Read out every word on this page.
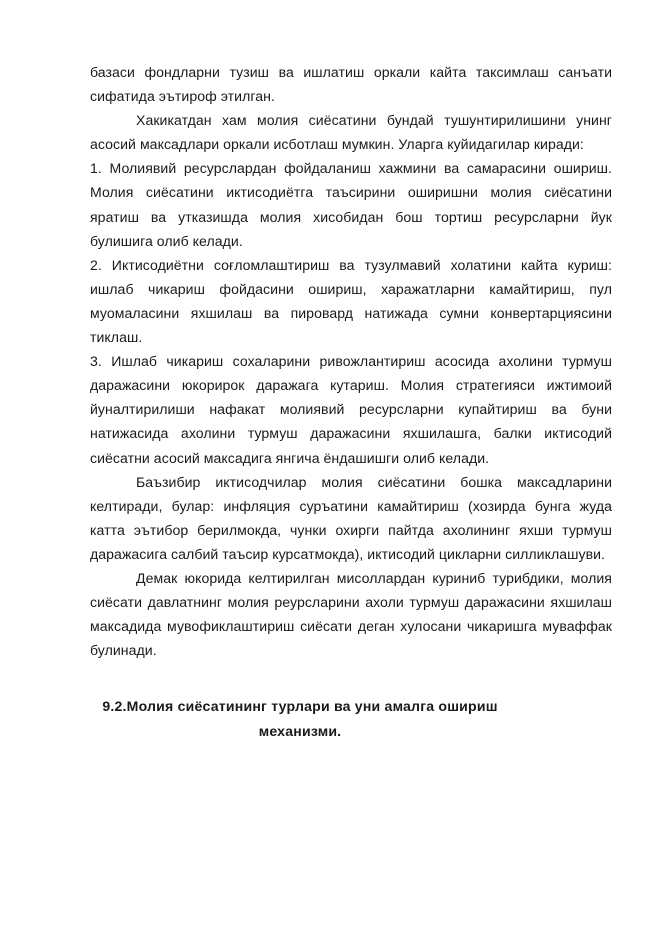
базаси фондларни тузиш ва ишлатиш оркали кайта таксимлаш санъати сифатида эътироф этилган.

Хакикатдан хам молия сиёсатини бундай тушунтирилишини унинг асосий максадлари оркали исботлаш мумкин. Уларга куйидагилар киради:

1. Молиявий ресурслардан фойдаланиш хажмини ва самарасини ошириш. Молия сиёсатини иктисодиётга таъсирини оширишни молия сиёсатини яратиш ва утказишда молия хисобидан бош тортиш ресурсларни йук булишига олиб келади.

2. Иктисодиётни соғломлаштириш ва тузулмавий холатини кайта куриш: ишлаб чикариш фойдасини ошириш, харажатларни камайтириш, пул муомаласини яхшилаш ва пировард натижада сумни конвертарциясини тиклаш.

3. Ишлаб чикариш сохаларини ривожлантириш асосида ахолини турмуш даражасини юкорирок даражага кутариш. Молия стратегияси ижтимоий йуналтирилиши нафакат молиявий ресурсларни купайтириш ва буни натижасида ахолини турмуш даражасини яхшилашга, балки иктисодий сиёсатни асосий максадига янгича ёндашишги олиб келади.

Баъзибир иктисодчилар молия сиёсатини бошка максадларини келтиради, булар: инфляция суръатини камайтириш (хозирда бунга жуда катта эътибор берилмокда, чунки охирги пайтда ахолининг яхши турмуш даражасига салбий таъсир курсатмокда), иктисодий цикларни силликлашуви.

Демак юкорида келтирилган мисоллардан куриниб турибдики, молия сиёсати давлатнинг молия реурсларини ахоли турмуш даражасини яхшилаш максадида мувофиклаштириш сиёсати деган хулосани чикаришга муваффак булинади.

9.2.Молия сиёсатининг турлари ва уни амалга ошириш
механизми.
